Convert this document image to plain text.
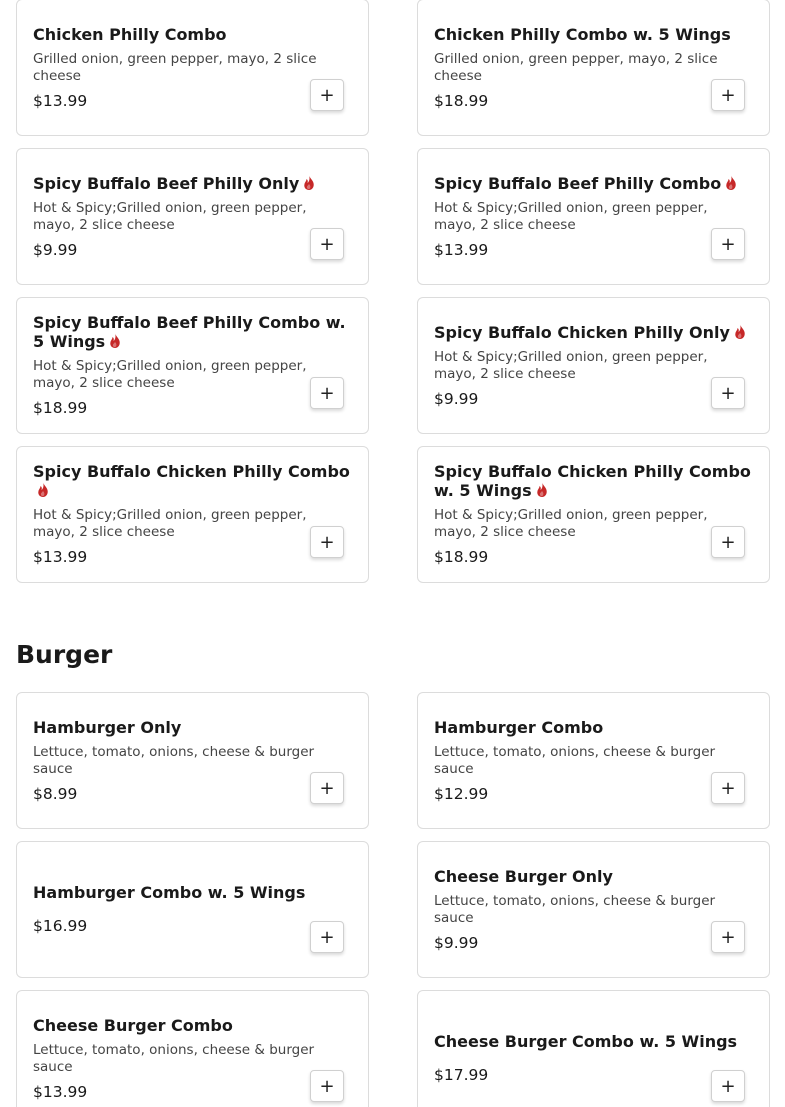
Burger
Chicken Philly Combo
Grilled onion, green pepper, mayo, 2 slice cheese
$13.99	+
Chicken Philly Combo w. 5 Wings
Grilled onion, green pepper, mayo, 2 slice cheese
$18.99	+
Spicy Buffalo Beef Philly Only
Hot & Spicy;Grilled onion, green pepper, mayo, 2 slice cheese
$9.99	+
Spicy Buffalo Beef Philly Combo
Hot & Spicy;Grilled onion, green pepper, mayo, 2 slice cheese
$13.99	+
Spicy Buffalo Beef Philly Combo w. 5 Wings
Hot & Spicy;Grilled onion, green pepper, mayo, 2 slice cheese
$18.99
+
Spicy Buffalo Chicken Philly Only
Hot & Spicy;Grilled onion, green pepper, mayo, 2 slice cheese
$9.99	+
Spicy Buffalo Chicken Philly Combo
Hot & Spicy;Grilled onion, green pepper, mayo, 2 slice cheese
$13.99
+
Spicy Buffalo Chicken Philly Combo w. 5 Wings
Hot & Spicy;Grilled onion, green pepper, mayo, 2 slice cheese
$18.99
+
Hamburger Only
Lettuce, tomato, onions, cheese & burger sauce
$8.99	+
Hamburger Combo
Lettuce, tomato, onions, cheese & burger sauce
$12.99	+
Hamburger Combo w. 5 Wings
$16.99
+
Cheese Burger Only
Lettuce, tomato, onions, cheese & burger sauce
$9.99	+
Cheese Burger Combo
Lettuce, tomato, onions, cheese & burger sauce
$13.99	+
Cheese Burger Combo w. 5 Wings
$17.99
+
